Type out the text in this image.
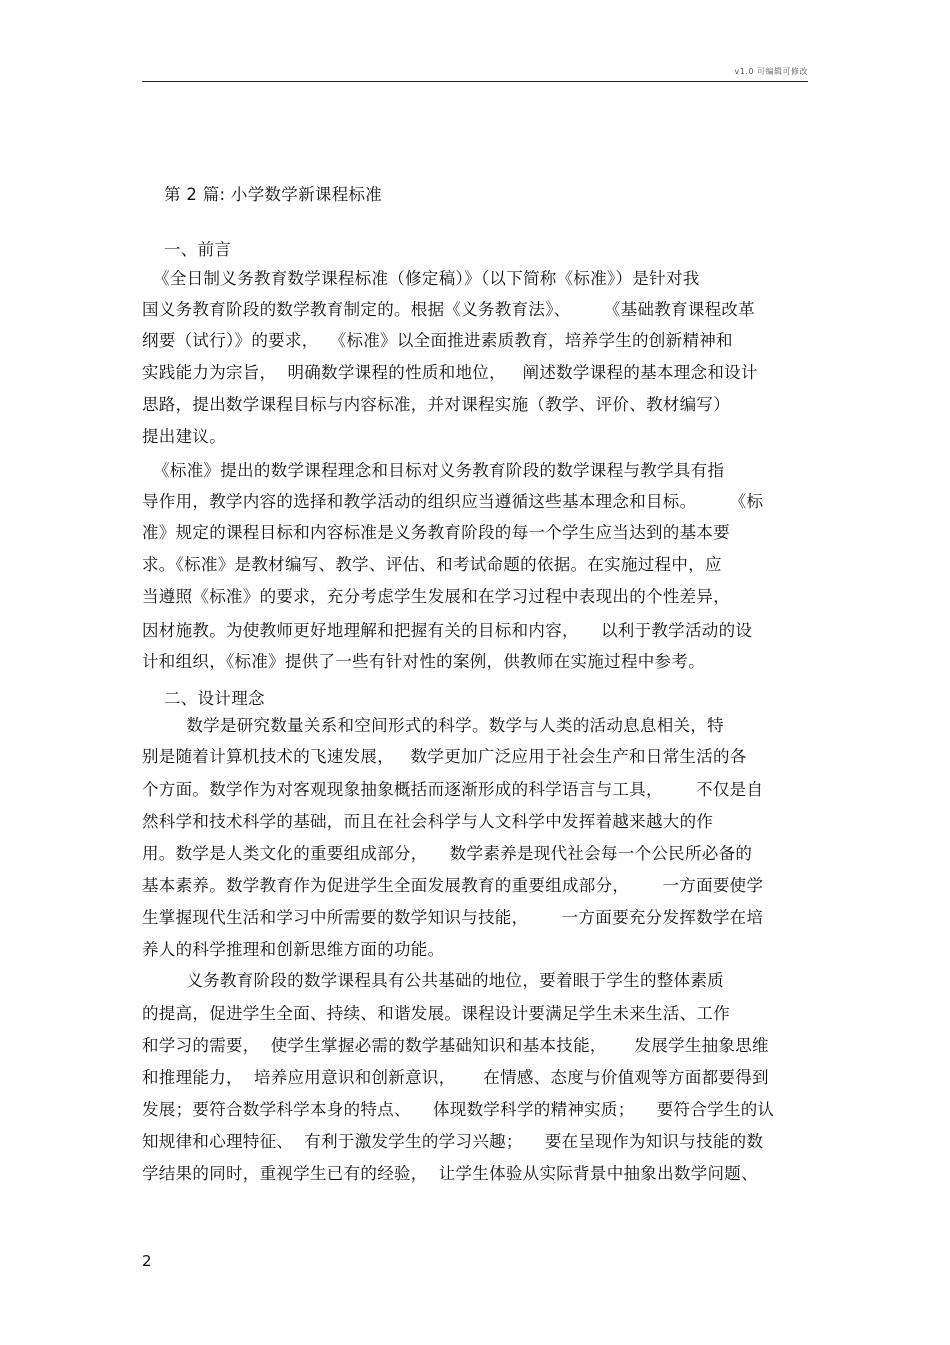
v1.0 可编辑可修改
第 2 篇: 小学数学新课程标准
一、前言
《全日制义务教育数学课程标准（修定稿）》（以下简称《标准》）是针对我
国义务教育阶段的数学教育制定的。根据《义务教育法》、      《基础教育课程改革
纲要（试行）》的要求，  《标准》以全面推进素质教育，培养学生的创新精神和
实践能力为宗旨，  明确数学课程的性质和地位，   阐述数学课程的基本理念和设计
思路，提出数学课程目标与内容标准，并对课程实施（教学、评价、教材编写）
提出建议。
《标准》提出的数学课程理念和目标对义务教育阶段的数学课程与教学具有指
导作用，教学内容的选择和教学活动的组织应当遵循这些基本理念和目标。      《标
准》规定的课程目标和内容标准是义务教育阶段的每一个学生应当达到的基本要
求。《标准》是教材编写、教学、评估、和考试命题的依据。在实施过程中，应
当遵照《标准》的要求，充分考虑学生发展和在学习过程中表现出的个性差异，
因材施教。为使教师更好地理解和把握有关的目标和内容，    以利于教学活动的设
计和组织，《标准》提供了一些有针对性的案例，供教师在实施过程中参考。
二、设计理念
数学是研究数量关系和空间形式的科学。数学与人类的活动息息相关，特
别是随着计算机技术的飞速发展，   数学更加广泛应用于社会生产和日常生活的各
个方面。数学作为对客观现象抽象概括而逐渐形成的科学语言与工具，      不仅是自
然科学和技术科学的基础，而且在社会科学与人文科学中发挥着越来越大的作
用。数学是人类文化的重要组成部分，    数学素养是现代社会每一个公民所必备的
基本素养。数学教育作为促进学生全面发展教育的重要组成部分，      一方面要使学
生掌握现代生活和学习中所需要的数学知识与技能，      一方面要充分发挥数学在培
养人的科学推理和创新思维方面的功能。
义务教育阶段的数学课程具有公共基础的地位，要着眼于学生的整体素质
的提高，促进学生全面、持续、和谐发展。课程设计要满足学生未来生活、工作
和学习的需要，  使学生掌握必需的数学基础知识和基本技能，     发展学生抽象思维
和推理能力，  培养应用意识和创新意识，     在情感、态度与价值观等方面都要得到
发展；要符合数学科学本身的特点、    体现数学科学的精神实质；    要符合学生的认
知规律和心理特征、  有利于激发学生的学习兴趣；    要在呈现作为知识与技能的数
学结果的同时，重视学生已有的经验，  让学生体验从实际背景中抽象出数学问题、
2
